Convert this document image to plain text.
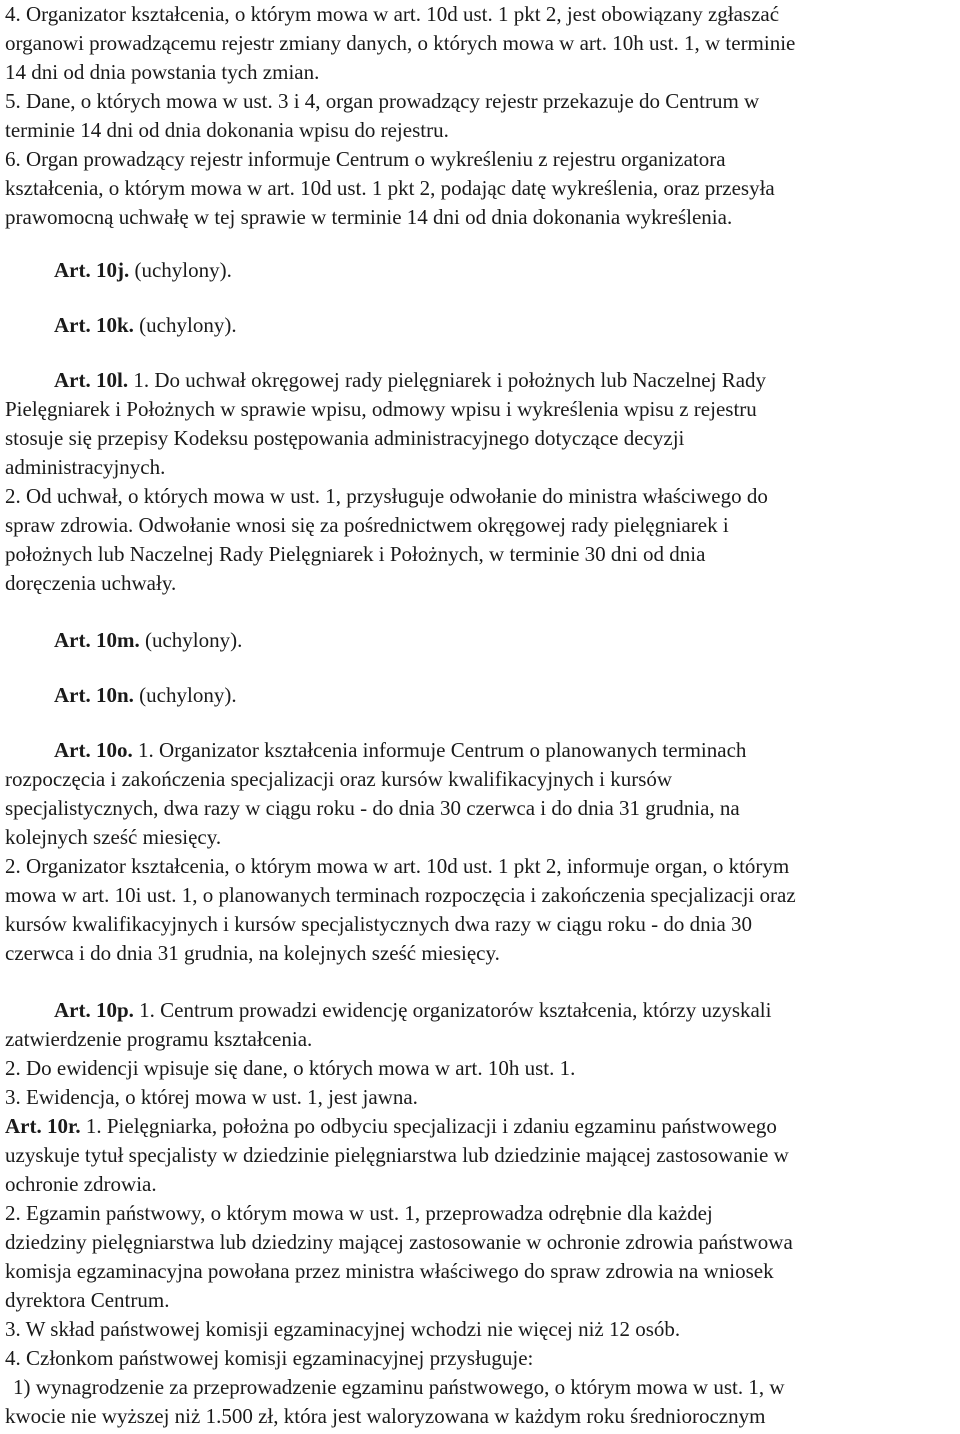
4. Organizator kształcenia, o którym mowa w art. 10d ust. 1 pkt 2, jest obowiązany zgłaszać

organowi prowadzącemu rejestr zmiany danych, o których mowa w art. 10h ust. 1, w terminie

14 dni od dnia powstania tych zmian.

5. Dane, o których mowa w ust. 3 i 4, organ prowadzący rejestr przekazuje do Centrum w

terminie 14 dni od dnia dokonania wpisu do rejestru.

6. Organ prowadzący rejestr informuje Centrum o wykreśleniu z rejestru organizatora

kształcenia, o którym mowa w art. 10d ust. 1 pkt 2, podając datę wykreślenia, oraz przesyła

prawomocną uchwałę w tej sprawie w terminie 14 dni od dnia dokonania wykreślenia.

Art. 10j. (uchylony).

Art. 10k. (uchylony).

Art. 10l. 1. Do uchwał okręgowej rady pielęgniarek i położnych lub Naczelnej Rady

Pielęgniarek i Położnych w sprawie wpisu, odmowy wpisu i wykreślenia wpisu z rejestru

stosuje się przepisy Kodeksu postępowania administracyjnego dotyczące decyzji

administracyjnych.

2. Od uchwał, o których mowa w ust. 1, przysługuje odwołanie do ministra właściwego do

spraw zdrowia. Odwołanie wnosi się za pośrednictwem okręgowej rady pielęgniarek i

położnych lub Naczelnej Rady Pielęgniarek i Położnych, w terminie 30 dni od dnia

doręczenia uchwały.

Art. 10m. (uchylony).

Art. 10n. (uchylony).

Art. 10o. 1. Organizator kształcenia informuje Centrum o planowanych terminach

rozpoczęcia i zakończenia specjalizacji oraz kursów kwalifikacyjnych i kursów

specjalistycznych, dwa razy w ciągu roku - do dnia 30 czerwca i do dnia 31 grudnia, na

kolejnych sześć miesięcy.

2. Organizator kształcenia, o którym mowa w art. 10d ust. 1 pkt 2, informuje organ, o którym

mowa w art. 10i ust. 1, o planowanych terminach rozpoczęcia i zakończenia specjalizacji oraz

kursów kwalifikacyjnych i kursów specjalistycznych dwa razy w ciągu roku - do dnia 30

czerwca i do dnia 31 grudnia, na kolejnych sześć miesięcy.

Art. 10p. 1. Centrum prowadzi ewidencję organizatorów kształcenia, którzy uzyskali

zatwierdzenie programu kształcenia.

2. Do ewidencji wpisuje się dane, o których mowa w art. 10h ust. 1.

3. Ewidencja, o której mowa w ust. 1, jest jawna.

Art. 10r. 1. Pielęgniarka, położna po odbyciu specjalizacji i zdaniu egzaminu państwowego

uzyskuje tytuł specjalisty w dziedzinie pielęgniarstwa lub dziedzinie mającej zastosowanie w

ochronie zdrowia.

2. Egzamin państwowy, o którym mowa w ust. 1, przeprowadza odrębnie dla każdej

dziedziny pielęgniarstwa lub dziedziny mającej zastosowanie w ochronie zdrowia państwowa

komisja egzaminacyjna powołana przez ministra właściwego do spraw zdrowia na wniosek

dyrektora Centrum.

3. W skład państwowej komisji egzaminacyjnej wchodzi nie więcej niż 12 osób.

4. Członkom państwowej komisji egzaminacyjnej przysługuje:

1) wynagrodzenie za przeprowadzenie egzaminu państwowego, o którym mowa w ust. 1, w

kwocie nie wyższej niż 1.500 zł, która jest waloryzowana w każdym roku średniorocznym
